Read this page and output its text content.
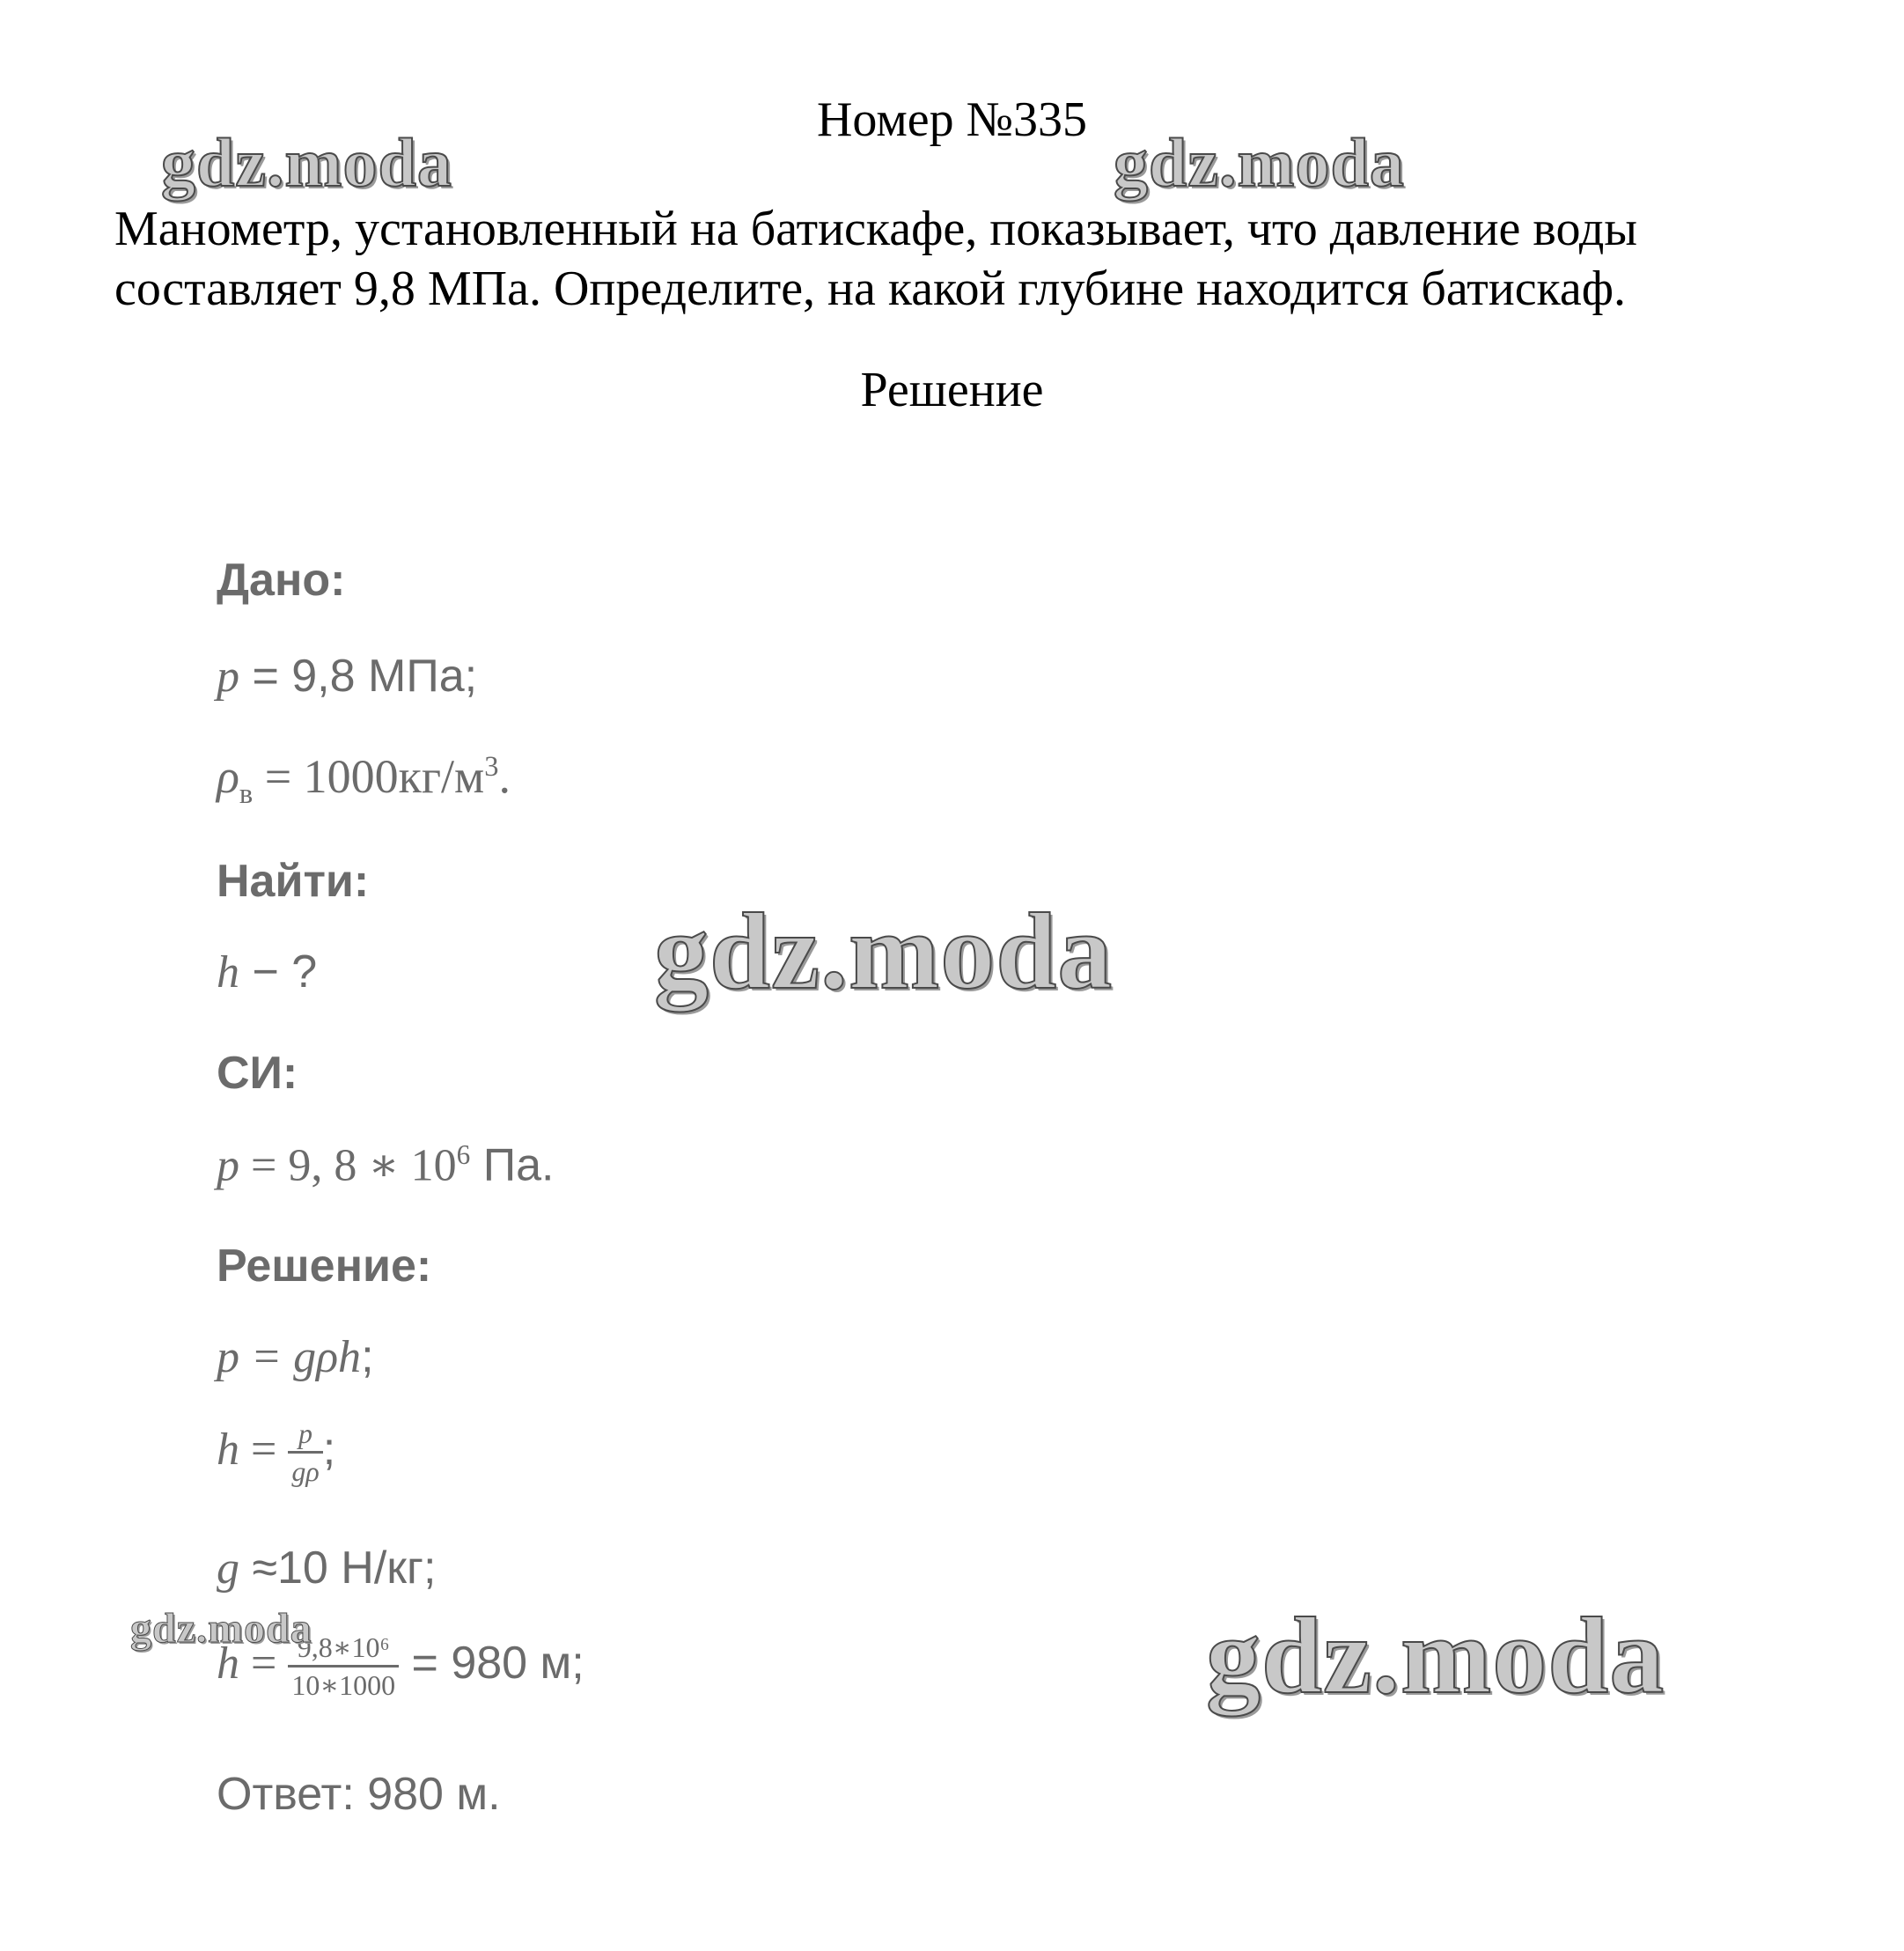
Номер №335
Манометр, установленный на батискафе, показывает, что давление воды
составляет 9,8 МПа. Определите, на какой глубине находится батискаф.
Решение
Дано:
p = 9,8 МПа;
$\rho_в = 1000кг/м^3$.
Найти:
h − ?
СИ:
p = 9, 8 ∗ $10^6$ Па.
Решение:
p = gρh;
$h = \frac{p}{g\rho}$ ;
g ≈10 Н/кг;
$h = \frac{\text{9,8∗10⁶}}{10∗1000} = 980$ м;
Ответ: 980 м.
gdz.moda	gdz.moda
gdz.moda
gdz.moda	gdz.moda
